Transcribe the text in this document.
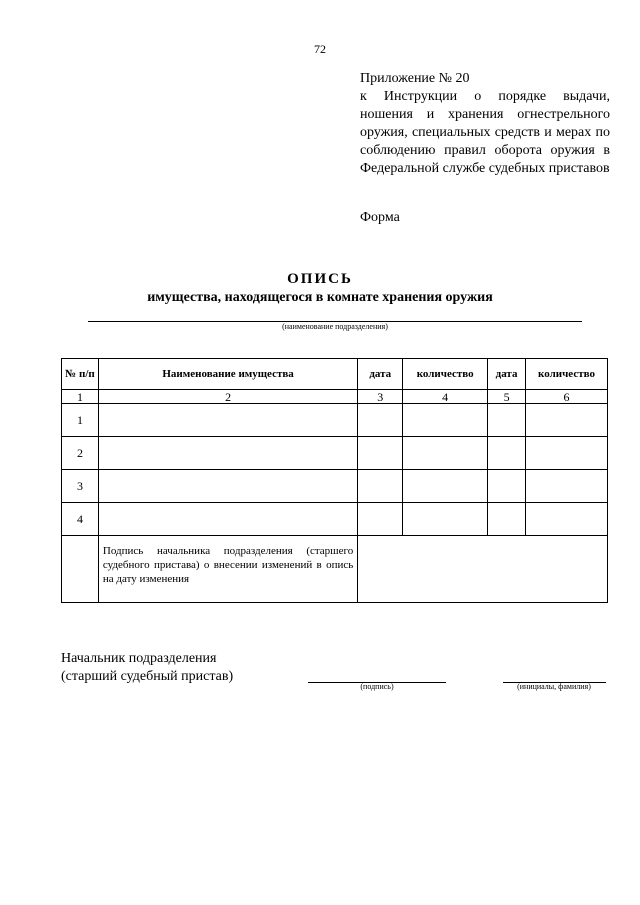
72
Приложение № 20
к Инструкции о порядке выдачи, ношения и хранения огнестрельного оружия, специальных средств и мерах по соблюдению правил оборота оружия в Федеральной службе судебных приставов
Форма
ОПИСЬ
имущества, находящегося в комнате хранения оружия
(наименование подразделения)
№ п/п	Наименование имущества	дата	количество	дата	количество
1	2	3	4	5	6
1					
2					
3					
4					
	Подпись начальника подразделения (старшего судебного пристава) о внесении изменений в опись на дату изменения				
Начальник подразделения
(старший судебный пристав)
(подпись)	(инициалы, фамилия)
